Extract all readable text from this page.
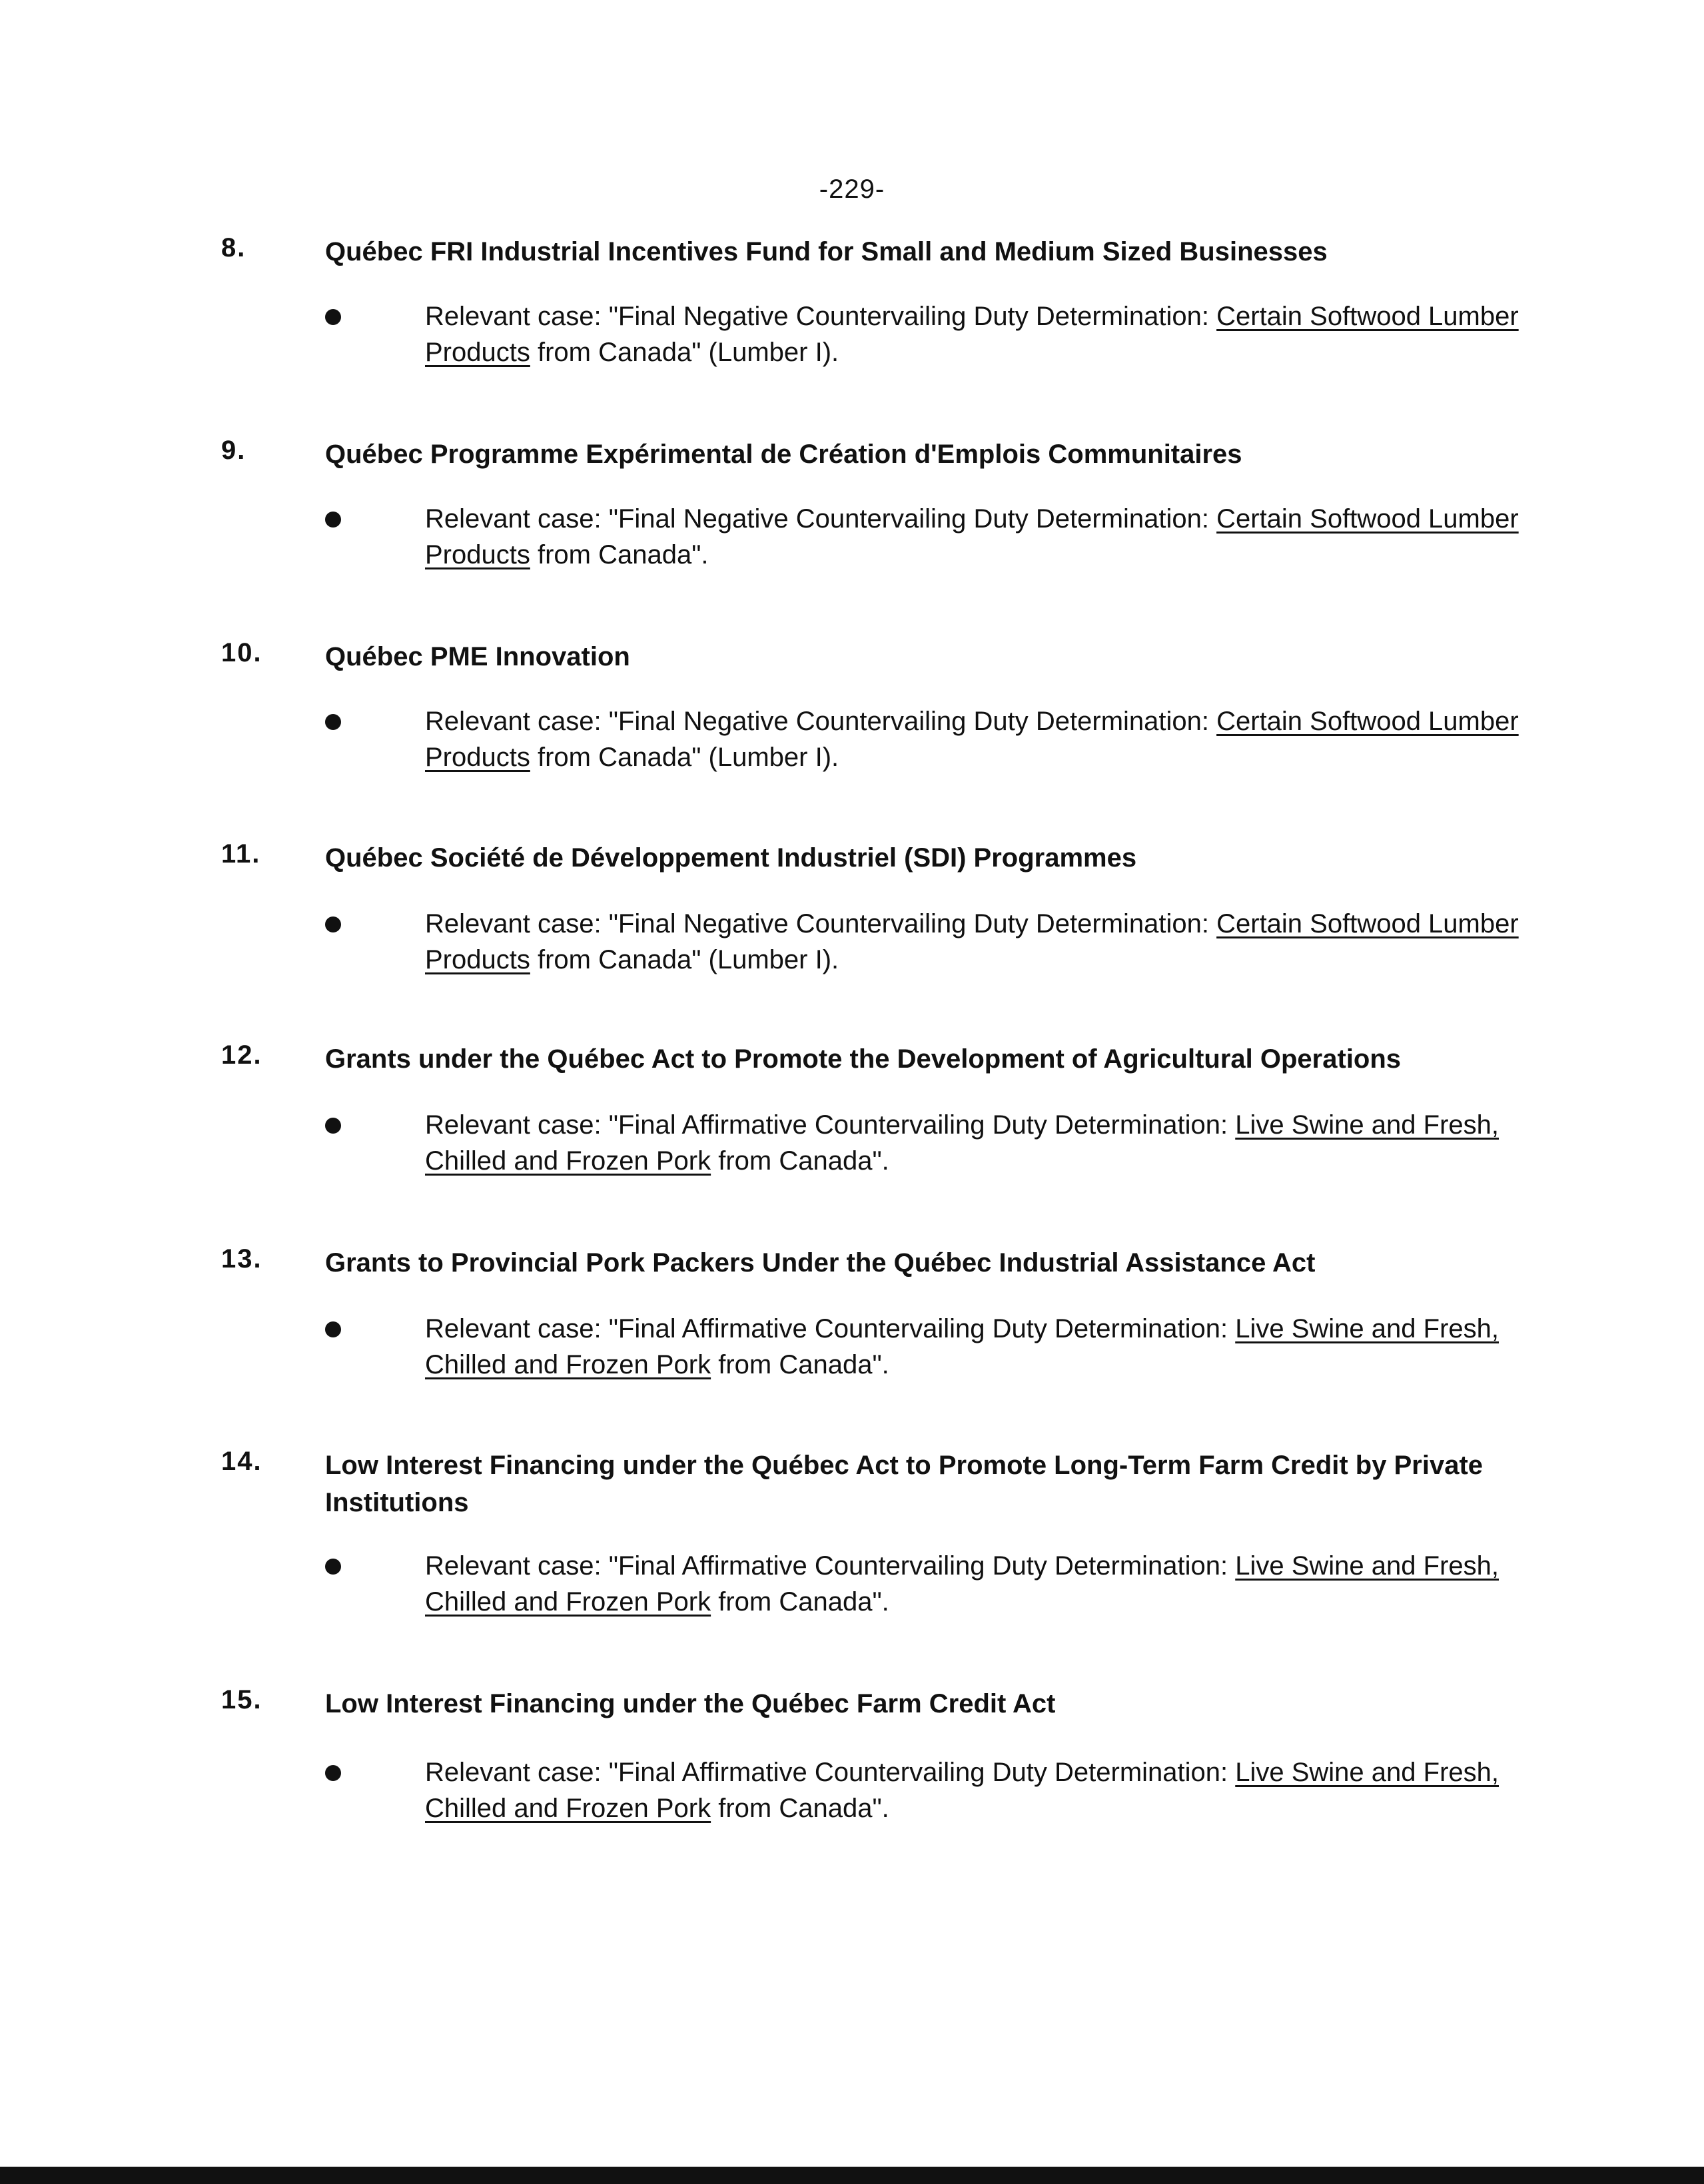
-229-
8.	Québec FRI Industrial Incentives Fund for Small and Medium Sized Businesses
Relevant case: "Final Negative Countervailing Duty Determination: Certain Softwood Lumber Products from Canada" (Lumber I).
9.	Québec Programme Expérimental de Création d'Emplois Communitaires
Relevant case: "Final Negative Countervailing Duty Determination: Certain Softwood Lumber Products from Canada".
10. Québec PME Innovation
Relevant case: "Final Negative Countervailing Duty Determination: Certain Softwood Lumber Products from Canada" (Lumber I).
11. Québec Société de Développement Industriel (SDI) Programmes
Relevant case: "Final Negative Countervailing Duty Determination: Certain Softwood Lumber Products from Canada" (Lumber I).
12. Grants under the Québec Act to Promote the Development of Agricultural Operations
Relevant case: "Final Affirmative Countervailing Duty Determination: Live Swine and Fresh, Chilled and Frozen Pork from Canada".
13. Grants to Provincial Pork Packers Under the Québec Industrial Assistance Act
Relevant case: "Final Affirmative Countervailing Duty Determination: Live Swine and Fresh, Chilled and Frozen Pork from Canada".
14. Low Interest Financing under the Québec Act to Promote Long-Term Farm Credit by Private Institutions
Relevant case: "Final Affirmative Countervailing Duty Determination: Live Swine and Fresh, Chilled and Frozen Pork from Canada".
15. Low Interest Financing under the Québec Farm Credit Act
Relevant case: "Final Affirmative Countervailing Duty Determination: Live Swine and Fresh, Chilled and Frozen Pork from Canada".
